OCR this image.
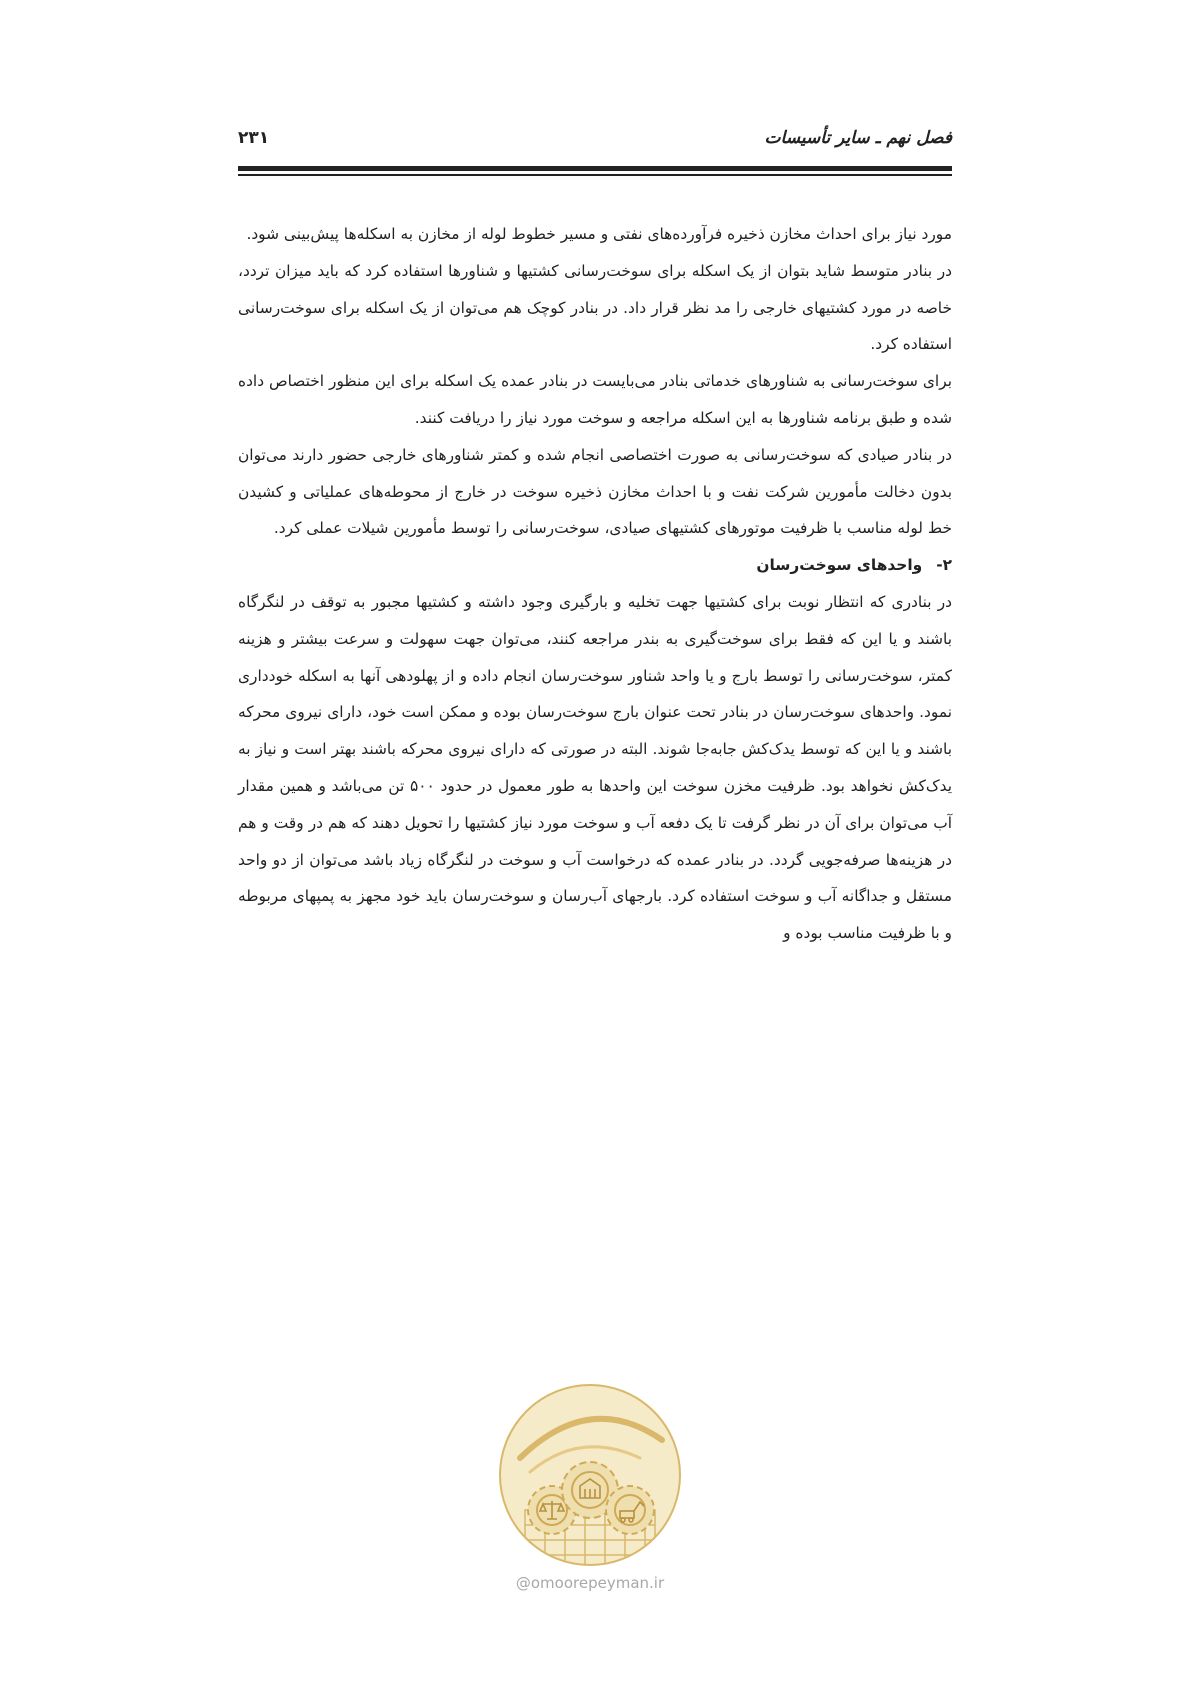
فصل نهم ـ سایر تأسیسات
۲۳۱

مورد نیاز برای احداث مخازن ذخیره فرآورده‌های نفتی و مسیر خطوط لوله از مخازن به اسکله‌ها پیش‌بینی شود.

در بنادر متوسط شاید بتوان از یک اسکله برای سوخت‌رسانی کشتیها و شناورها استفاده کرد که باید میزان تردد، خاصه در مورد کشتیهای خارجی را مد نظر قرار داد. در بنادر کوچک هم می‌توان از یک اسکله برای سوخت‌رسانی استفاده کرد.

برای سوخت‌رسانی به شناورهای خدماتی بنادر می‌بایست در بنادر عمده یک اسکله برای این منظور اختصاص داده شده و طبق برنامه شناورها به این اسکله مراجعه و سوخت مورد نیاز را دریافت کنند.

در بنادر صیادی که سوخت‌رسانی به صورت اختصاصی انجام شده و کمتر شناورهای خارجی حضور دارند می‌توان بدون دخالت مأمورین شرکت نفت و با احداث مخازن ذخیره سوخت در خارج از محوطه‌های عملیاتی و کشیدن خط لوله مناسب با ظرفیت موتورهای کشتیهای صیادی، سوخت‌رسانی را توسط مأمورین شیلات عملی کرد.

۲-واحدهای سوخت‌رسان

در بنادری که انتظار نوبت برای کشتیها جهت تخلیه و بارگیری وجود داشته و کشتیها مجبور به توقف در لنگرگاه باشند و یا این که فقط برای سوخت‌گیری به بندر مراجعه کنند، می‌توان جهت سهولت و سرعت بیشتر و هزینه کمتر، سوخت‌رسانی را توسط بارج و یا واحد شناور سوخت‌رسان انجام داده و از پهلودهی آنها به اسکله خودداری نمود. واحدهای سوخت‌رسان در بنادر تحت عنوان بارج سوخت‌رسان بوده و ممکن است خود، دارای نیروی محرکه باشند و یا این که توسط یدک‌کش جابه‌جا شوند. البته در صورتی که دارای نیروی محرکه باشند بهتر است و نیاز به یدک‌کش نخواهد بود. ظرفیت مخزن سوخت این واحدها به طور معمول در حدود ۵۰۰ تن می‌باشد و همین مقدار آب می‌توان برای آن در نظر گرفت تا یک دفعه آب و سوخت مورد نیاز کشتیها را تحویل دهند که هم در وقت و هم در هزینه‌ها صرفه‌جویی گردد. در بنادر عمده که درخواست آب و سوخت در لنگرگاه زیاد باشد می‌توان از دو واحد مستقل و جداگانه آب و سوخت استفاده کرد. بارجهای آب‌رسان و سوخت‌رسان باید خود مجهز به پمپهای مربوطه و با ظرفیت مناسب بوده و

@omoorepeyman.ir
